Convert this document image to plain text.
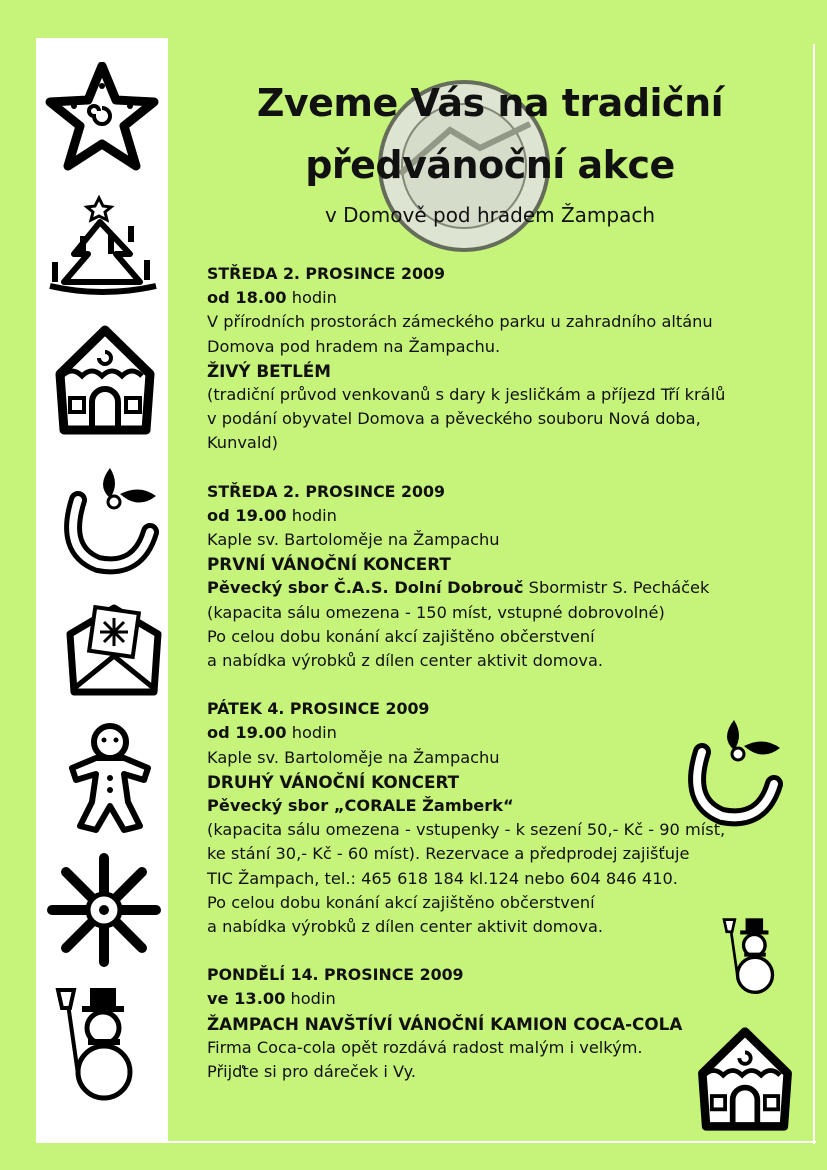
Zveme Vás na tradiční
předvánoční akce
v Domově pod hradem Žampach

STŘEDA 2. PROSINCE 2009

od 18.00 hodin

V přírodních prostorách zámeckého parku u zahradního altánu

Domova pod hradem na Žampachu.

ŽIVÝ BETLÉM

(tradiční průvod venkovanů s dary k jesličkám a příjezd Tří králů

v podání obyvatel Domova a pěveckého souboru Nová doba,

Kunvald)

STŘEDA 2. PROSINCE 2009

od 19.00 hodin

Kaple sv. Bartoloměje na Žampachu

PRVNÍ VÁNOČNÍ KONCERT

Pěvecký sbor Č.A.S. Dolní Dobrouč Sbormistr S. Pecháček

(kapacita sálu omezena - 150 míst, vstupné dobrovolné)

Po celou dobu konání akcí zajištěno občerstvení

a nabídka výrobků z dílen center aktivit domova.

PÁTEK 4. PROSINCE 2009

od 19.00 hodin

Kaple sv. Bartoloměje na Žampachu

DRUHÝ VÁNOČNÍ KONCERT

Pěvecký sbor „CORALE Žamberk“

(kapacita sálu omezena - vstupenky - k sezení 50,- Kč - 90 míst,

ke stání 30,- Kč - 60 míst). Rezervace a předprodej zajišťuje

TIC Žampach, tel.: 465 618 184 kl.124 nebo 604 846 410.

Po celou dobu konání akcí zajištěno občerstvení

a nabídka výrobků z dílen center aktivit domova.

PONDĚLÍ 14. PROSINCE 2009

ve 13.00 hodin

ŽAMPACH NAVŠTÍVÍ VÁNOČNÍ KAMION COCA-COLA

Firma Coca-cola opět rozdává radost malým i velkým.

Přijďte si pro dáreček i Vy.
